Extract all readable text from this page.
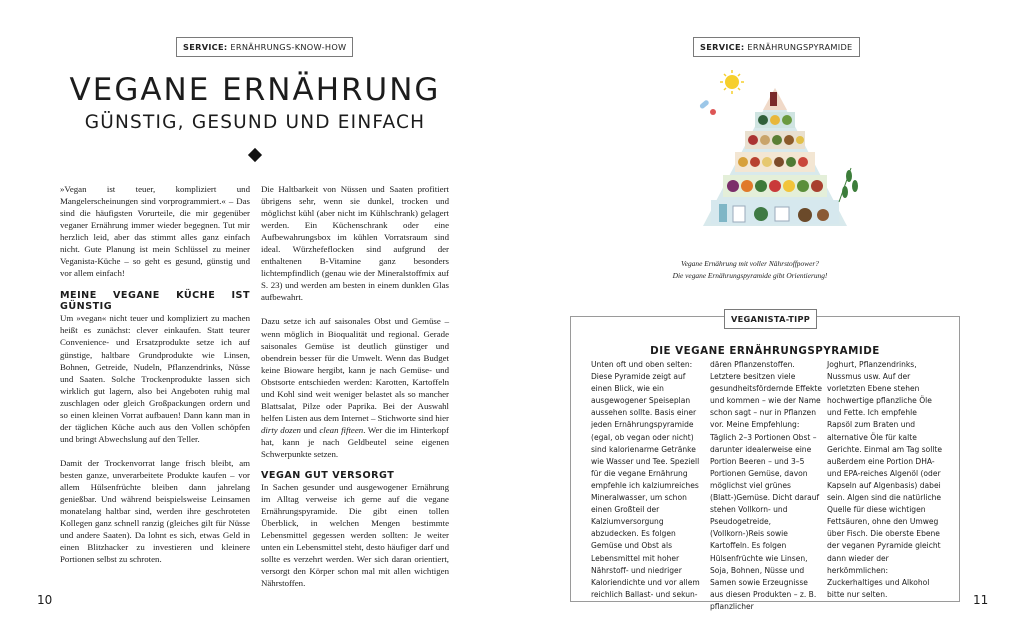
SERVICE: ERNÄHRUNGS-KNOW-HOW
VEGANE ERNÄHRUNG
GÜNSTIG, GESUND UND EINFACH

»Vegan ist teuer, kompliziert und Mangelerscheinungen sind vorprogrammiert.« – Das sind die häufigsten Vorurteile, die mir gegenüber veganer Ernährung immer wieder begegnen. Tut mir herzlich leid, aber das stimmt alles ganz einfach nicht. Gute Planung ist mein Schlüssel zu meiner Veganista-Küche – so geht es gesund, günstig und vor allem einfach!

MEINE VEGANE KÜCHE IST GÜNSTIG

Um »vegan« nicht teuer und kompliziert zu machen heißt es zunächst: clever einkaufen. Statt teurer Convenience- und Ersatzprodukte setze ich auf günstige, haltbare Grundprodukte wie Linsen, Bohnen, Getreide, Nudeln, Pflanzendrinks, Nüsse und Saaten. Solche Trockenprodukte lassen sich wirklich gut lagern, also bei Angeboten ruhig mal zuschlagen oder gleich Großpackungen ordern und so einen kleinen Vorrat aufbauen! Dann kann man in der täglichen Küche auch aus den Vollen schöpfen und bringt Abwechslung auf den Teller.

Damit der Trockenvorrat lange frisch bleibt, am besten ganze, unverarbeitete Produkte kaufen – vor allem Hülsenfrüchte bleiben dann jahrelang genießbar. Und während beispielsweise Leinsamen monatelang haltbar sind, werden ihre geschroteten Kollegen ganz schnell ranzig (gleiches gilt für Nüsse und andere Saaten). Da lohnt es sich, etwas Geld in einen Blitzhacker zu investieren und kleinere Portionen selbst zu schroten.

Die Haltbarkeit von Nüssen und Saaten profitiert übrigens sehr, wenn sie dunkel, trocken und möglichst kühl (aber nicht im Kühlschrank) gelagert werden. Ein Küchenschrank oder eine Aufbewahrungsbox im kühlen Vorratsraum sind ideal. Würzhefeflocken sind aufgrund der enthaltenen B-Vitamine ganz besonders lichtempfindlich (genau wie der Mineralstoffmix auf S. 23) und werden am besten in einem dunklen Glas aufbewahrt.

Dazu setze ich auf saisonales Obst und Gemüse – wenn möglich in Bioqualität und regional. Gerade saisonales Gemüse ist deutlich günstiger und obendrein besser für die Umwelt. Wenn das Budget keine Bioware hergibt, kann je nach Gemüse- und Obstsorte entschieden werden: Karotten, Kartoffeln und Kohl sind weit weniger belastet als so mancher Blattsalat, Pilze oder Paprika. Bei der Auswahl helfen Listen aus dem Internet – Stichworte sind hier dirty dozen und clean fifteen. Wer die im Hinterkopf hat, kann je nach Geldbeutel seine eigenen Schwerpunkte setzen.

VEGAN GUT VERSORGT

In Sachen gesunder und ausgewogener Ernährung im Alltag verweise ich gerne auf die vegane Ernährungspyramide. Die gibt einen tollen Überblick, in welchen Mengen bestimmte Lebensmittel gegessen werden sollten: Je weiter unten ein Lebensmittel steht, desto häufiger darf und sollte es verzehrt werden. Wer sich daran orientiert, versorgt den Körper schon mal mit allen wichtigen Nährstoffen.

10
SERVICE: ERNÄHRUNGSPYRAMIDE
Vegane Ernährung mit voller Nährstoffpower?
Die vegane Ernährungspyramide gibt Orientierung!
VEGANISTA-TIPP
DIE VEGANE ERNÄHRUNGSPYRAMIDE
Unten oft und oben selten: Diese Pyramide zeigt auf einen Blick, wie ein ausgewogener Speiseplan aussehen sollte. Basis einer jeden Ernährungspyramide (egal, ob vegan oder nicht) sind kalorienarme Getränke wie Wasser und Tee. Speziell für die vegane Ernährung empfehle ich kalziumreiches Mineralwasser, um schon einen Großteil der Kalziumversorgung abzudecken. Es folgen Gemüse und Obst als Lebensmittel mit hoher Nährstoff- und niedriger Kaloriendichte und vor allem reichlich Ballast- und sekun-
dären Pflanzenstoffen. Letztere besitzen viele gesundheitsfördernde Effekte und kommen – wie der Name schon sagt – nur in Pflanzen vor. Meine Empfehlung: Täglich 2–3 Portionen Obst – darunter idealerweise eine Portion Beeren – und 3–5 Portionen Gemüse, davon möglichst viel grünes (Blatt-)Gemüse. Dicht darauf stehen Vollkorn- und Pseudogetreide, (Vollkorn-)Reis sowie Kartoffeln. Es folgen Hülsenfrüchte wie Linsen, Soja, Bohnen, Nüsse und Samen sowie Erzeugnisse aus diesen Produkten – z. B. pflanzlicher
Joghurt, Pflanzendrinks, Nussmus usw. Auf der vorletzten Ebene stehen hochwertige pflanzliche Öle und Fette. Ich empfehle Rapsöl zum Braten und alternative Öle für kalte Gerichte. Einmal am Tag sollte außerdem eine Portion DHA- und EPA-reiches Algenöl (oder Kapseln auf Algenbasis) dabei sein. Algen sind die natürliche Quelle für diese wichtigen Fettsäuren, ohne den Umweg über Fisch. Die oberste Ebene der veganen Pyramide gleicht dann wieder der herkömmlichen: Zuckerhaltiges und Alkohol bitte nur selten.	11
